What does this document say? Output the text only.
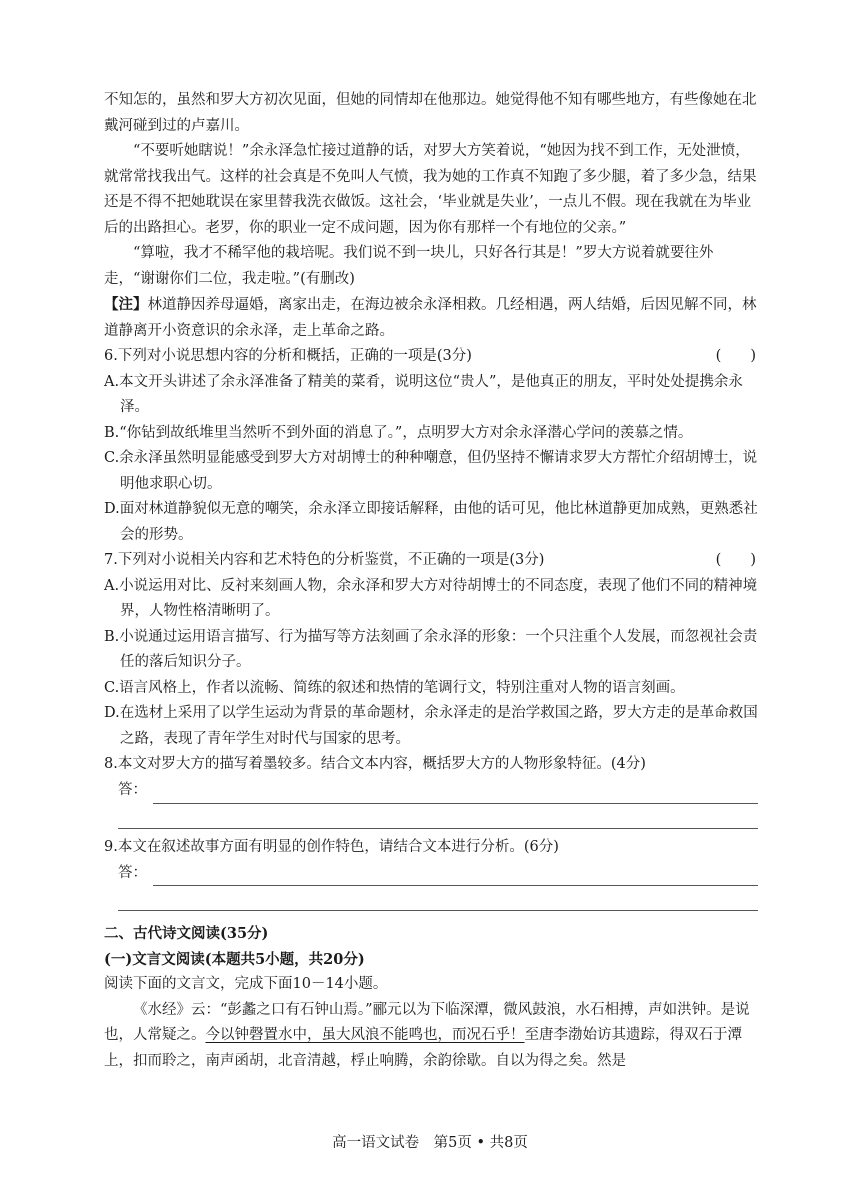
不知怎的，虽然和罗大方初次见面，但她的同情却在他那边。她觉得他不知有哪些地方，有些像她在北戴河碰到过的卢嘉川。

“不要听她瞎说！”余永泽急忙接过道静的话，对罗大方笑着说，“她因为找不到工作，无处泄愤，就常常找我出气。这样的社会真是不免叫人气愤，我为她的工作真不知跑了多少腿，着了多少急，结果还是不得不把她耽误在家里替我洗衣做饭。这社会，‘毕业就是失业’，一点儿不假。现在我就在为毕业后的出路担心。老罗，你的职业一定不成问题，因为你有那样一个有地位的父亲。”

“算啦，我才不稀罕他的栽培呢。我们说不到一块儿，只好各行其是！”罗大方说着就要往外走，“谢谢你们二位，我走啦。”(有删改)

【注】林道静因养母逼婚，离家出走，在海边被余永泽相救。几经相遇，两人结婚，后因见解不同，林道静离开小资意识的余永泽，走上革命之路。

6.下列对小说思想内容的分析和概括，正确的一项是(3分)	(　　)

A.本文开头讲述了余永泽准备了精美的菜肴，说明这位“贵人”，是他真正的朋友，平时处处提携余永泽。

B.“你钻到故纸堆里当然听不到外面的消息了。”，点明罗大方对余永泽潜心学问的羡慕之情。

C.余永泽虽然明显能感受到罗大方对胡博士的种种嘲意，但仍坚持不懈请求罗大方帮忙介绍胡博士，说明他求职心切。

D.面对林道静貌似无意的嘲笑，余永泽立即接话解释，由他的话可见，他比林道静更加成熟，更熟悉社会的形势。

7.下列对小说相关内容和艺术特色的分析鉴赏，不正确的一项是(3分)	(　　)

A.小说运用对比、反衬来刻画人物，余永泽和罗大方对待胡博士的不同态度，表现了他们不同的精神境界，人物性格清晰明了。

B.小说通过运用语言描写、行为描写等方法刻画了余永泽的形象：一个只注重个人发展，而忽视社会责任的落后知识分子。

C.语言风格上，作者以流畅、简练的叙述和热情的笔调行文，特别注重对人物的语言刻画。

D.在选材上采用了以学生运动为背景的革命题材，余永泽走的是治学救国之路，罗大方走的是革命救国之路，表现了青年学生对时代与国家的思考。

8.本文对罗大方的描写着墨较多。结合文本内容，概括罗大方的人物形象特征。(4分)

答：

9.本文在叙述故事方面有明显的创作特色，请结合文本进行分析。(6分)

答：

二、古代诗文阅读(35分)

(一)文言文阅读(本题共5小题，共20分)

阅读下面的文言文，完成下面10－14小题。

《水经》云：“彭蠡之口有石钟山焉。”郦元以为下临深潭，微风鼓浪，水石相搏，声如洪钟。是说也，人常疑之。今以钟磬置水中，虽大风浪不能鸣也，而况石乎！至唐李渤始访其遗踪，得双石于潭上，扣而聆之，南声函胡，北音清越，桴止响腾，余韵徐歇。自以为得之矣。然是

高一语文试卷　第5页 • 共8页
